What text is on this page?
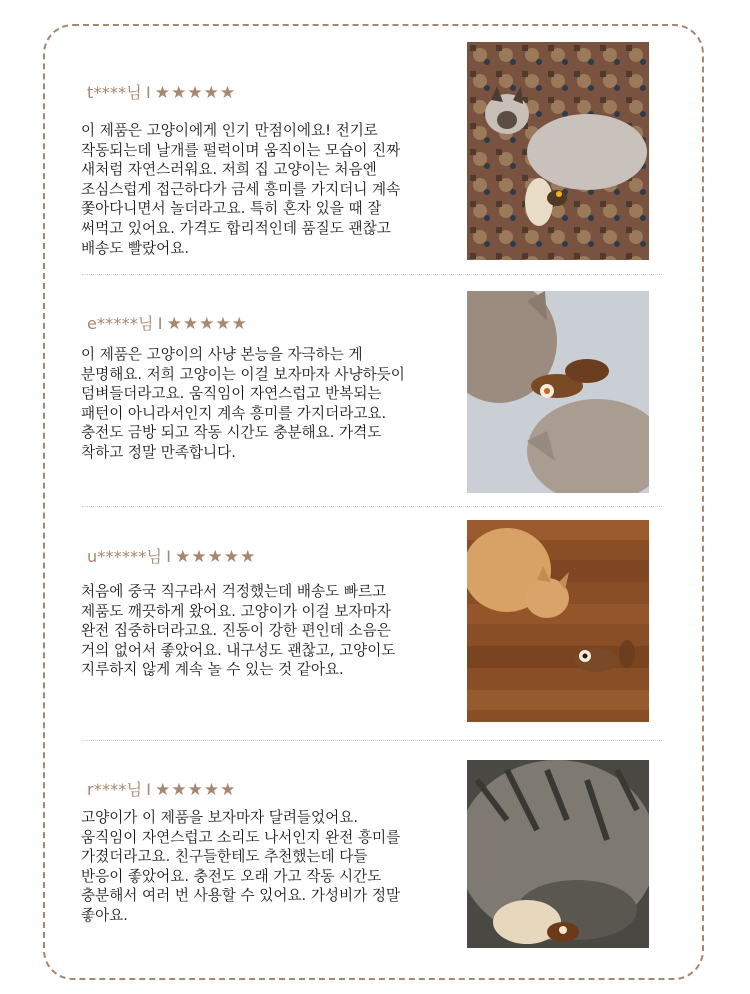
t****님 I ★★★★★

이 제품은 고양이에게 인기 만점이에요! 전기로
작동되는데 날개를 펄럭이며 움직이는 모습이 진짜
새처럼 자연스러워요. 저희 집 고양이는 처음엔
조심스럽게 접근하다가 금세 흥미를 가지더니 계속
쫓아다니면서 놀더라고요. 특히 혼자 있을 때 잘
써먹고 있어요. 가격도 합리적인데 품질도 괜찮고
배송도 빨랐어요.

e*****님 I ★★★★★

이 제품은 고양이의 사냥 본능을 자극하는 게
분명해요. 저희 고양이는 이걸 보자마자 사냥하듯이
덤벼들더라고요. 움직임이 자연스럽고 반복되는
패턴이 아니라서인지 계속 흥미를 가지더라고요.
충전도 금방 되고 작동 시간도 충분해요. 가격도
착하고 정말 만족합니다.

u******님 I ★★★★★

처음에 중국 직구라서 걱정했는데 배송도 빠르고
제품도 깨끗하게 왔어요. 고양이가 이걸 보자마자
완전 집중하더라고요. 진동이 강한 편인데 소음은
거의 없어서 좋았어요. 내구성도 괜찮고, 고양이도
지루하지 않게 계속 놀 수 있는 것 같아요.

r****님 I ★★★★★

고양이가 이 제품을 보자마자 달려들었어요.
움직임이 자연스럽고 소리도 나서인지 완전 흥미를
가졌더라고요. 친구들한테도 추천했는데 다들
반응이 좋았어요. 충전도 오래 가고 작동 시간도
충분해서 여러 번 사용할 수 있어요. 가성비가 정말
좋아요.
